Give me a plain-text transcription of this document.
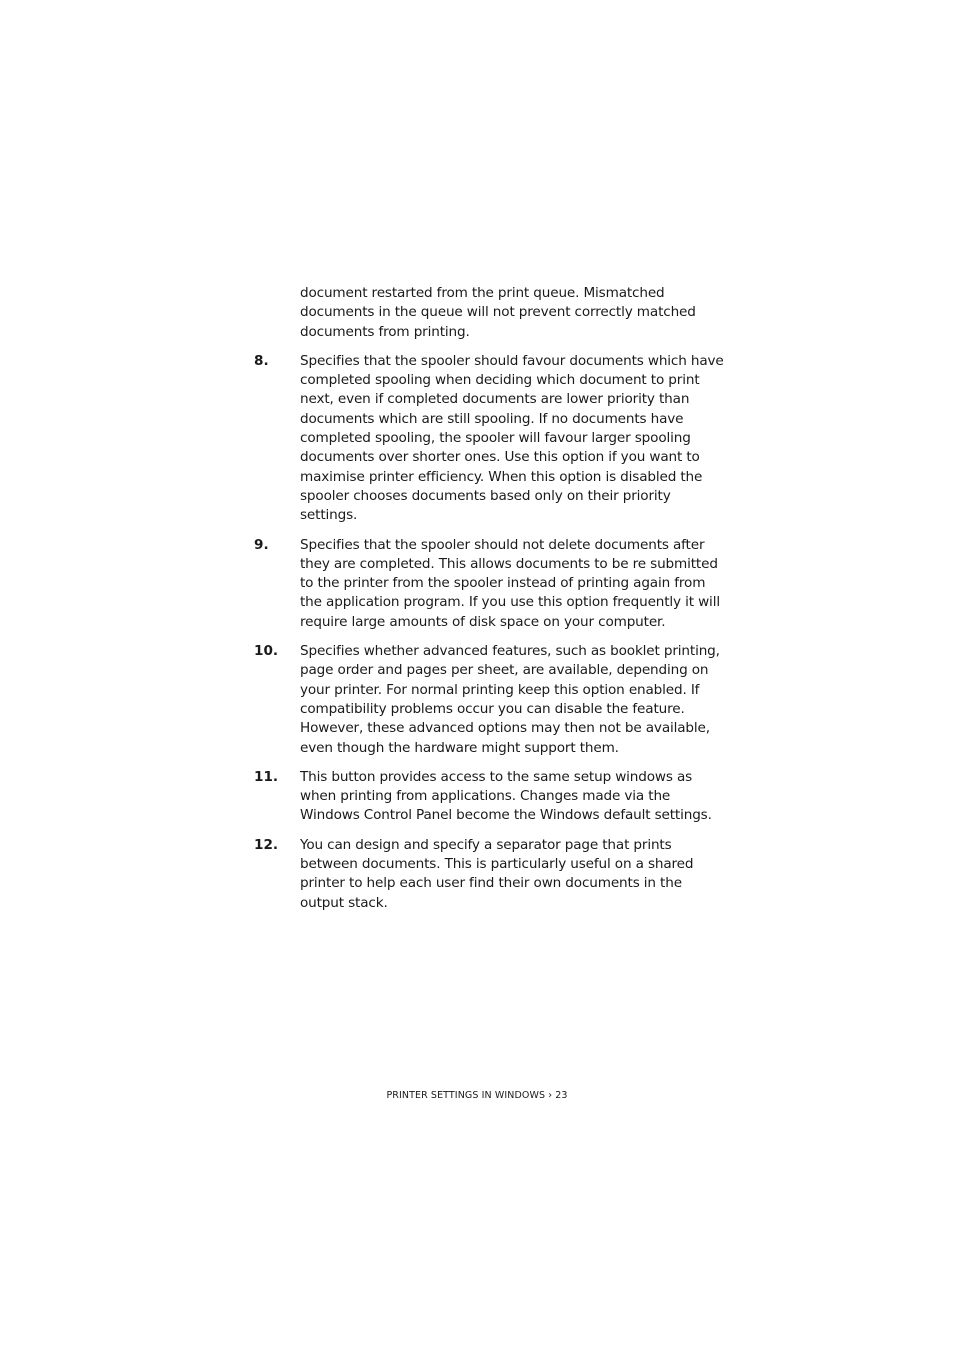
document restarted from the print queue. Mismatched documents in the queue will not prevent correctly matched documents from printing.
8.	Specifies that the spooler should favour documents which have completed spooling when deciding which document to print next, even if completed documents are lower priority than documents which are still spooling. If no documents have completed spooling, the spooler will favour larger spooling documents over shorter ones. Use this option if you want to maximise printer efficiency. When this option is disabled the spooler chooses documents based only on their priority settings.
9.	Specifies that the spooler should not delete documents after they are completed. This allows documents to be re submitted to the printer from the spooler instead of printing again from the application program. If you use this option frequently it will require large amounts of disk space on your computer.
10.	Specifies whether advanced features, such as booklet printing, page order and pages per sheet, are available, depending on your printer. For normal printing keep this option enabled. If compatibility problems occur you can disable the feature. However, these advanced options may then not be available, even though the hardware might support them.
11.	This button provides access to the same setup windows as when printing from applications. Changes made via the Windows Control Panel become the Windows default settings.
12.	You can design and specify a separator page that prints between documents. This is particularly useful on a shared printer to help each user find their own documents in the output stack.
PRINTER SETTINGS IN WINDOWS › 23
